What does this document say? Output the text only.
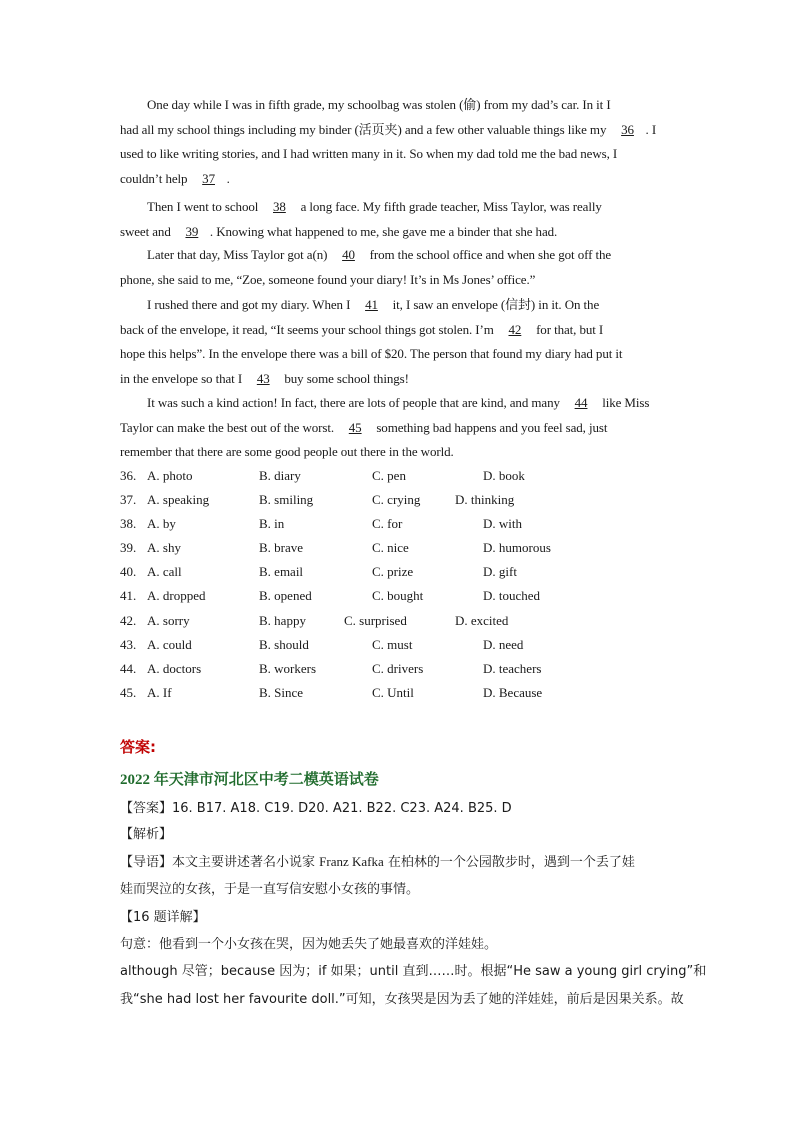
One day while I was in fifth grade, my schoolbag was stolen (偷) from my dad’s car. In it I
had all my school things including my binder (活页夹) and a few other valuable things like my 36 . I
used to like writing stories, and I had written many in it. So when my dad told me the bad news, I
couldn’t help 37 .
Then I went to school 38 a long face. My fifth grade teacher, Miss Taylor, was really
sweet and 39 . Knowing what happened to me, she gave me a binder that she had.
Later that day, Miss Taylor got a(n) 40 from the school office and when she got off the
phone, she said to me, “Zoe, someone found your diary! It’s in Ms Jones’ office.”
I rushed there and got my diary. When I 41 it, I saw an envelope (信封) in it. On the
back of the envelope, it read, “It seems your school things got stolen. I’m 42 for that, but I
hope this helps”. In the envelope there was a bill of $20. The person that found my diary had put it
in the envelope so that I 43 buy some school things!
It was such a kind action! In fact, there are lots of people that are kind, and many 44 like Miss
Taylor can make the best out of the worst. 45 something bad happens and you feel sad, just
remember that there are some good people out there in the world.
36. A. photo	B. diary	C. pen	D. book
37. A. speaking	B. smiling	C. crying	D. thinking
38. A. by	B. in	C. for	D. with
39. A. shy	B. brave	C. nice	D. humorous
40. A. call	B. email	C. prize	D. gift
41. A. dropped	B. opened	C. bought	D. touched
42. A. sorry	B. happy	C. surprised	D. excited
43. A. could	B. should	C. must	D. need
44. A. doctors	B. workers	C. drivers	D. teachers
45. A. If	B. Since	C. Until	D. Because
答案:
2022 年天津市河北区中考二模英语试卷
【答案】16. B17. A18. C19. D20. A21. B22. C23. A24. B25. D
【解析】
【导语】本文主要讲述著名小说家 Franz Kafka 在柏林的一个公园散步时，遇到一个丢了娃
娃而哭泣的女孩，于是一直写信安慰小女孩的事情。
【16 题详解】
句意：他看到一个小女孩在哭，因为她丢失了她最喜欢的洋娃娃。
although 尽管；because 因为；if 如果；until 直到……时。根据“He saw a young girl crying”和
我“she had lost her favourite doll.”可知，女孩哭是因为丢了她的洋娃娃，前后是因果关系。故
